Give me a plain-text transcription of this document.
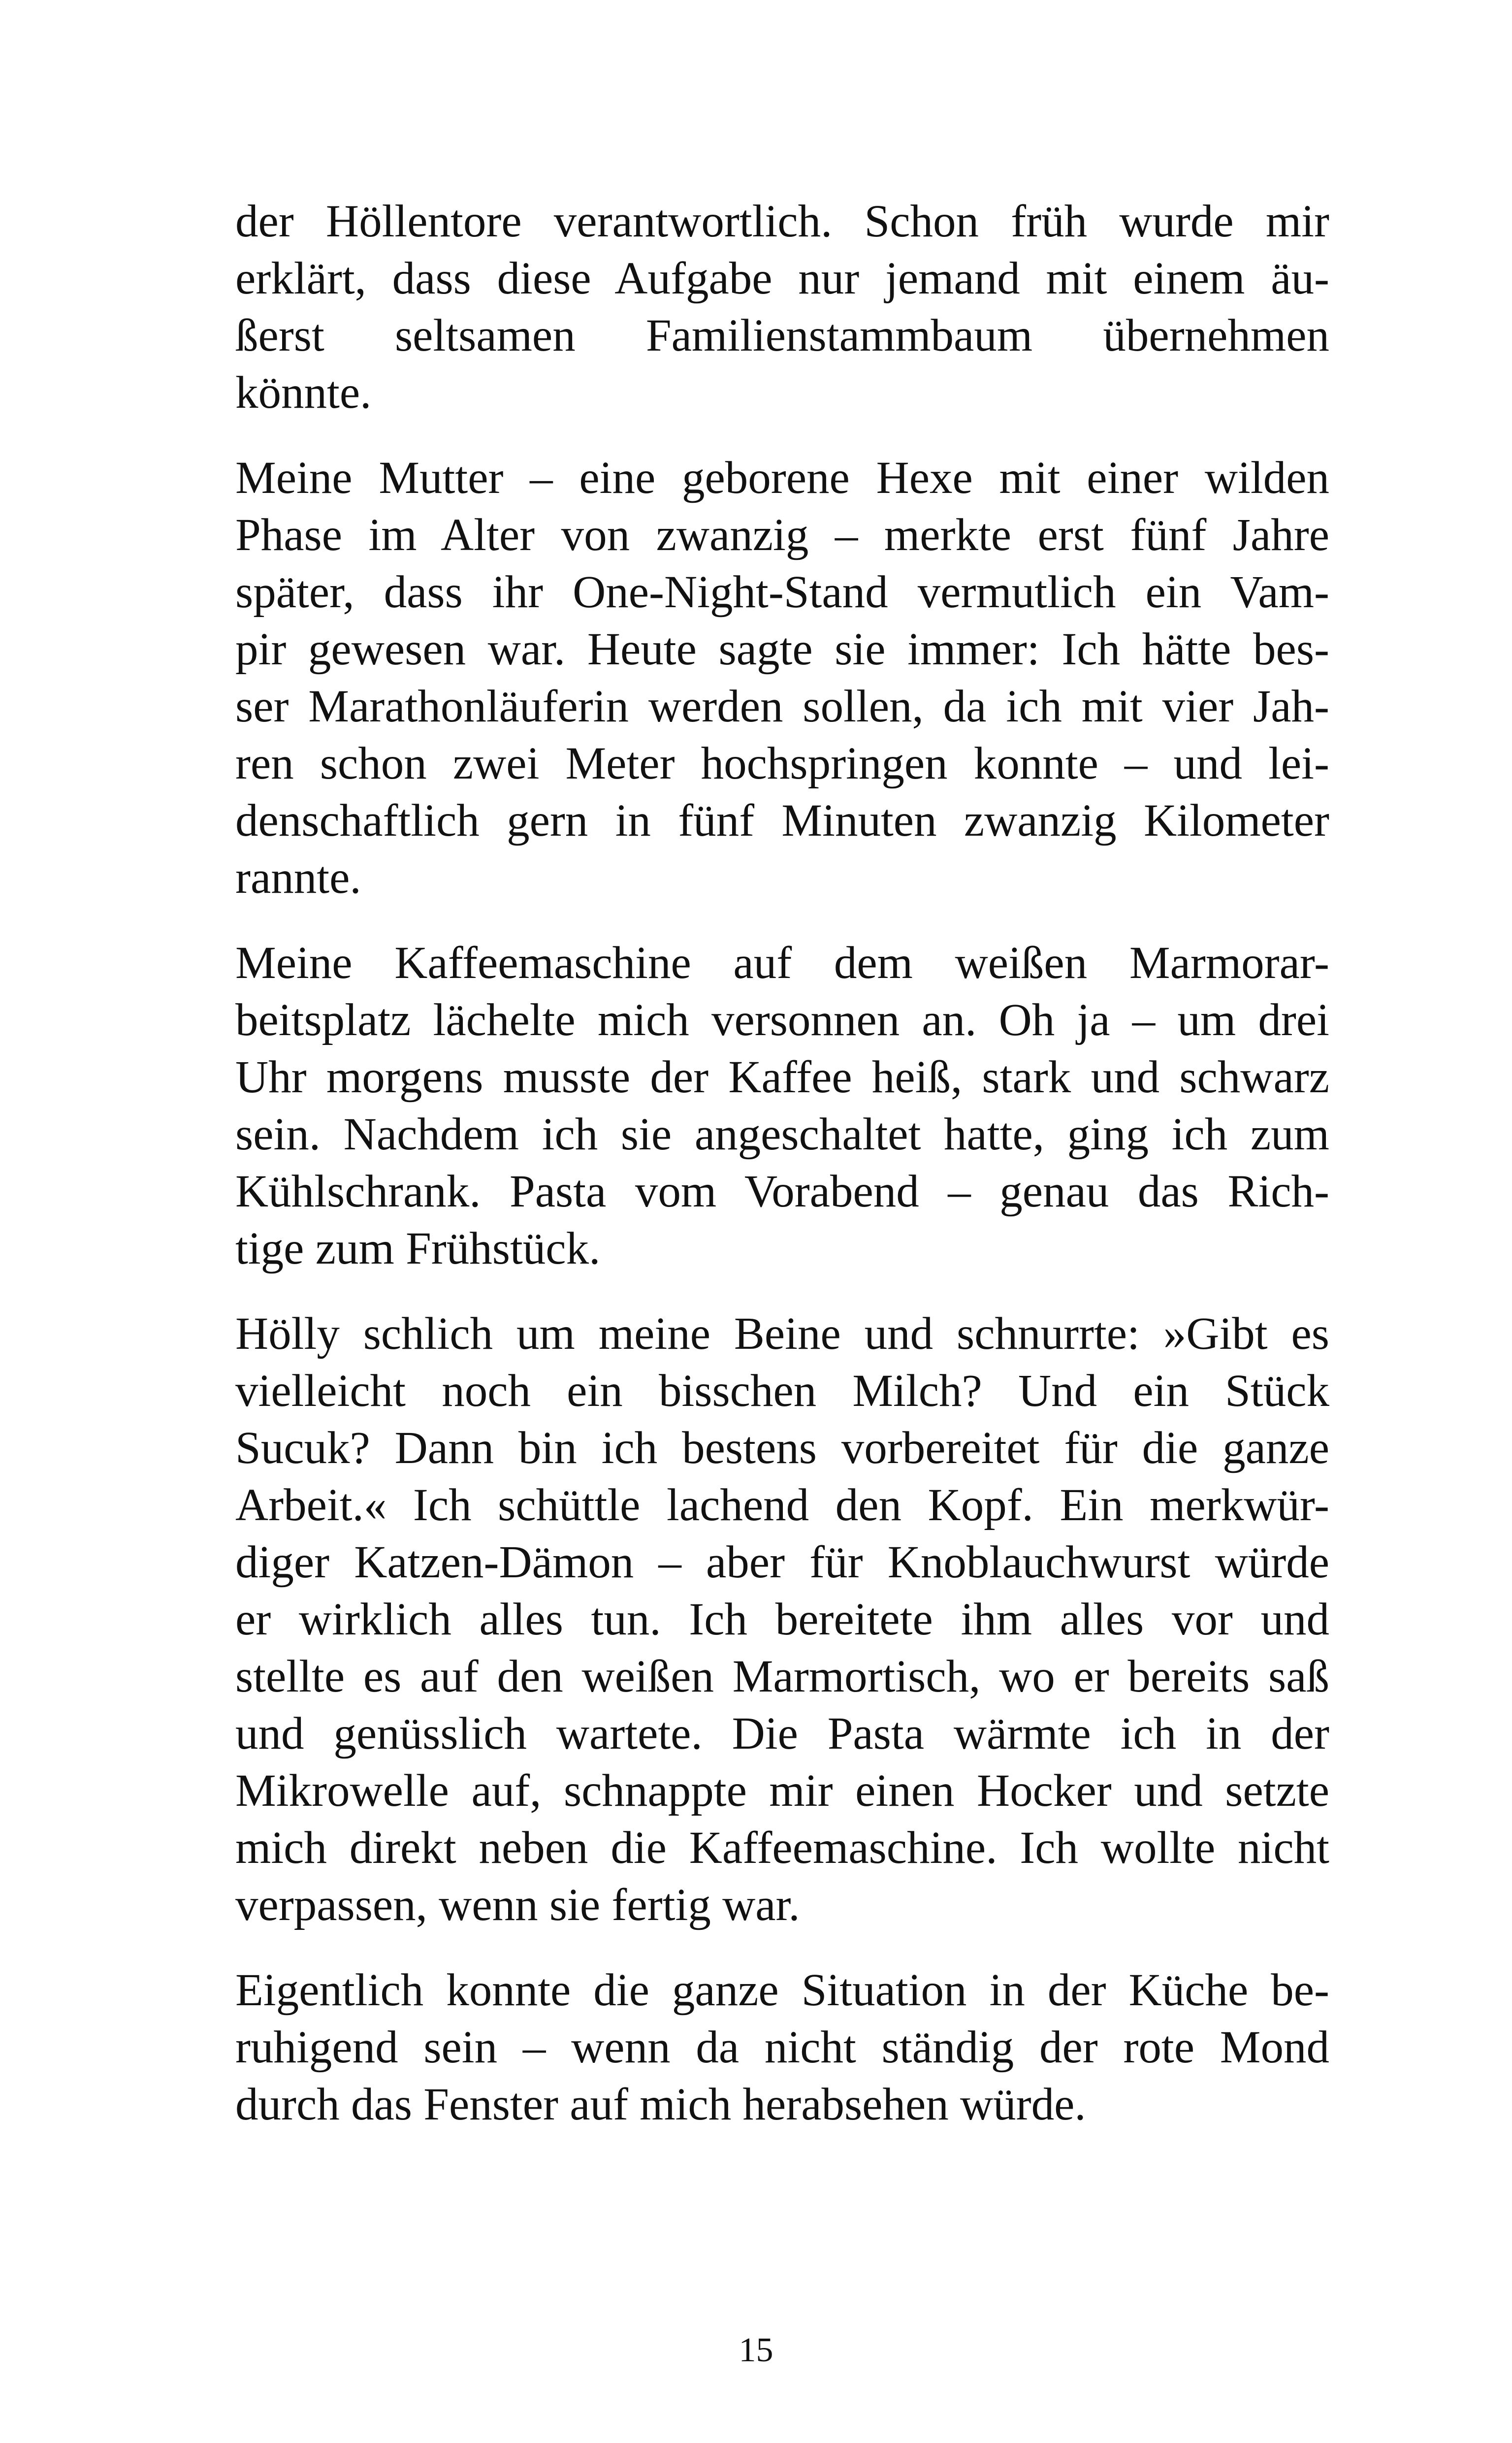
der Höllentore verantwortlich. Schon früh wurde mir
erklärt, dass diese Aufgabe nur jemand mit einem äu-
ßerst seltsamen Familienstammbaum übernehmen
könnte.

Meine Mutter – eine geborene Hexe mit einer wilden
Phase im Alter von zwanzig – merkte erst fünf Jahre
später, dass ihr One-Night-Stand vermutlich ein Vam-
pir gewesen war. Heute sagte sie immer: Ich hätte bes-
ser Marathonläuferin werden sollen, da ich mit vier Jah-
ren schon zwei Meter hochspringen konnte – und lei-
denschaftlich gern in fünf Minuten zwanzig Kilometer
rannte.

Meine Kaffeemaschine auf dem weißen Marmorar-
beitsplatz lächelte mich versonnen an. Oh ja – um drei
Uhr morgens musste der Kaffee heiß, stark und schwarz
sein. Nachdem ich sie angeschaltet hatte, ging ich zum
Kühlschrank. Pasta vom Vorabend – genau das Rich-
tige zum Frühstück.

Hölly schlich um meine Beine und schnurrte: »Gibt es
vielleicht noch ein bisschen Milch? Und ein Stück
Sucuk? Dann bin ich bestens vorbereitet für die ganze
Arbeit.« Ich schüttle lachend den Kopf. Ein merkwür-
diger Katzen-Dämon – aber für Knoblauchwurst würde
er wirklich alles tun. Ich bereitete ihm alles vor und
stellte es auf den weißen Marmortisch, wo er bereits saß
und genüsslich wartete. Die Pasta wärmte ich in der
Mikrowelle auf, schnappte mir einen Hocker und setzte
mich direkt neben die Kaffeemaschine. Ich wollte nicht
verpassen, wenn sie fertig war.

Eigentlich konnte die ganze Situation in der Küche be-
ruhigend sein – wenn da nicht ständig der rote Mond
durch das Fenster auf mich herabsehen würde.

15
